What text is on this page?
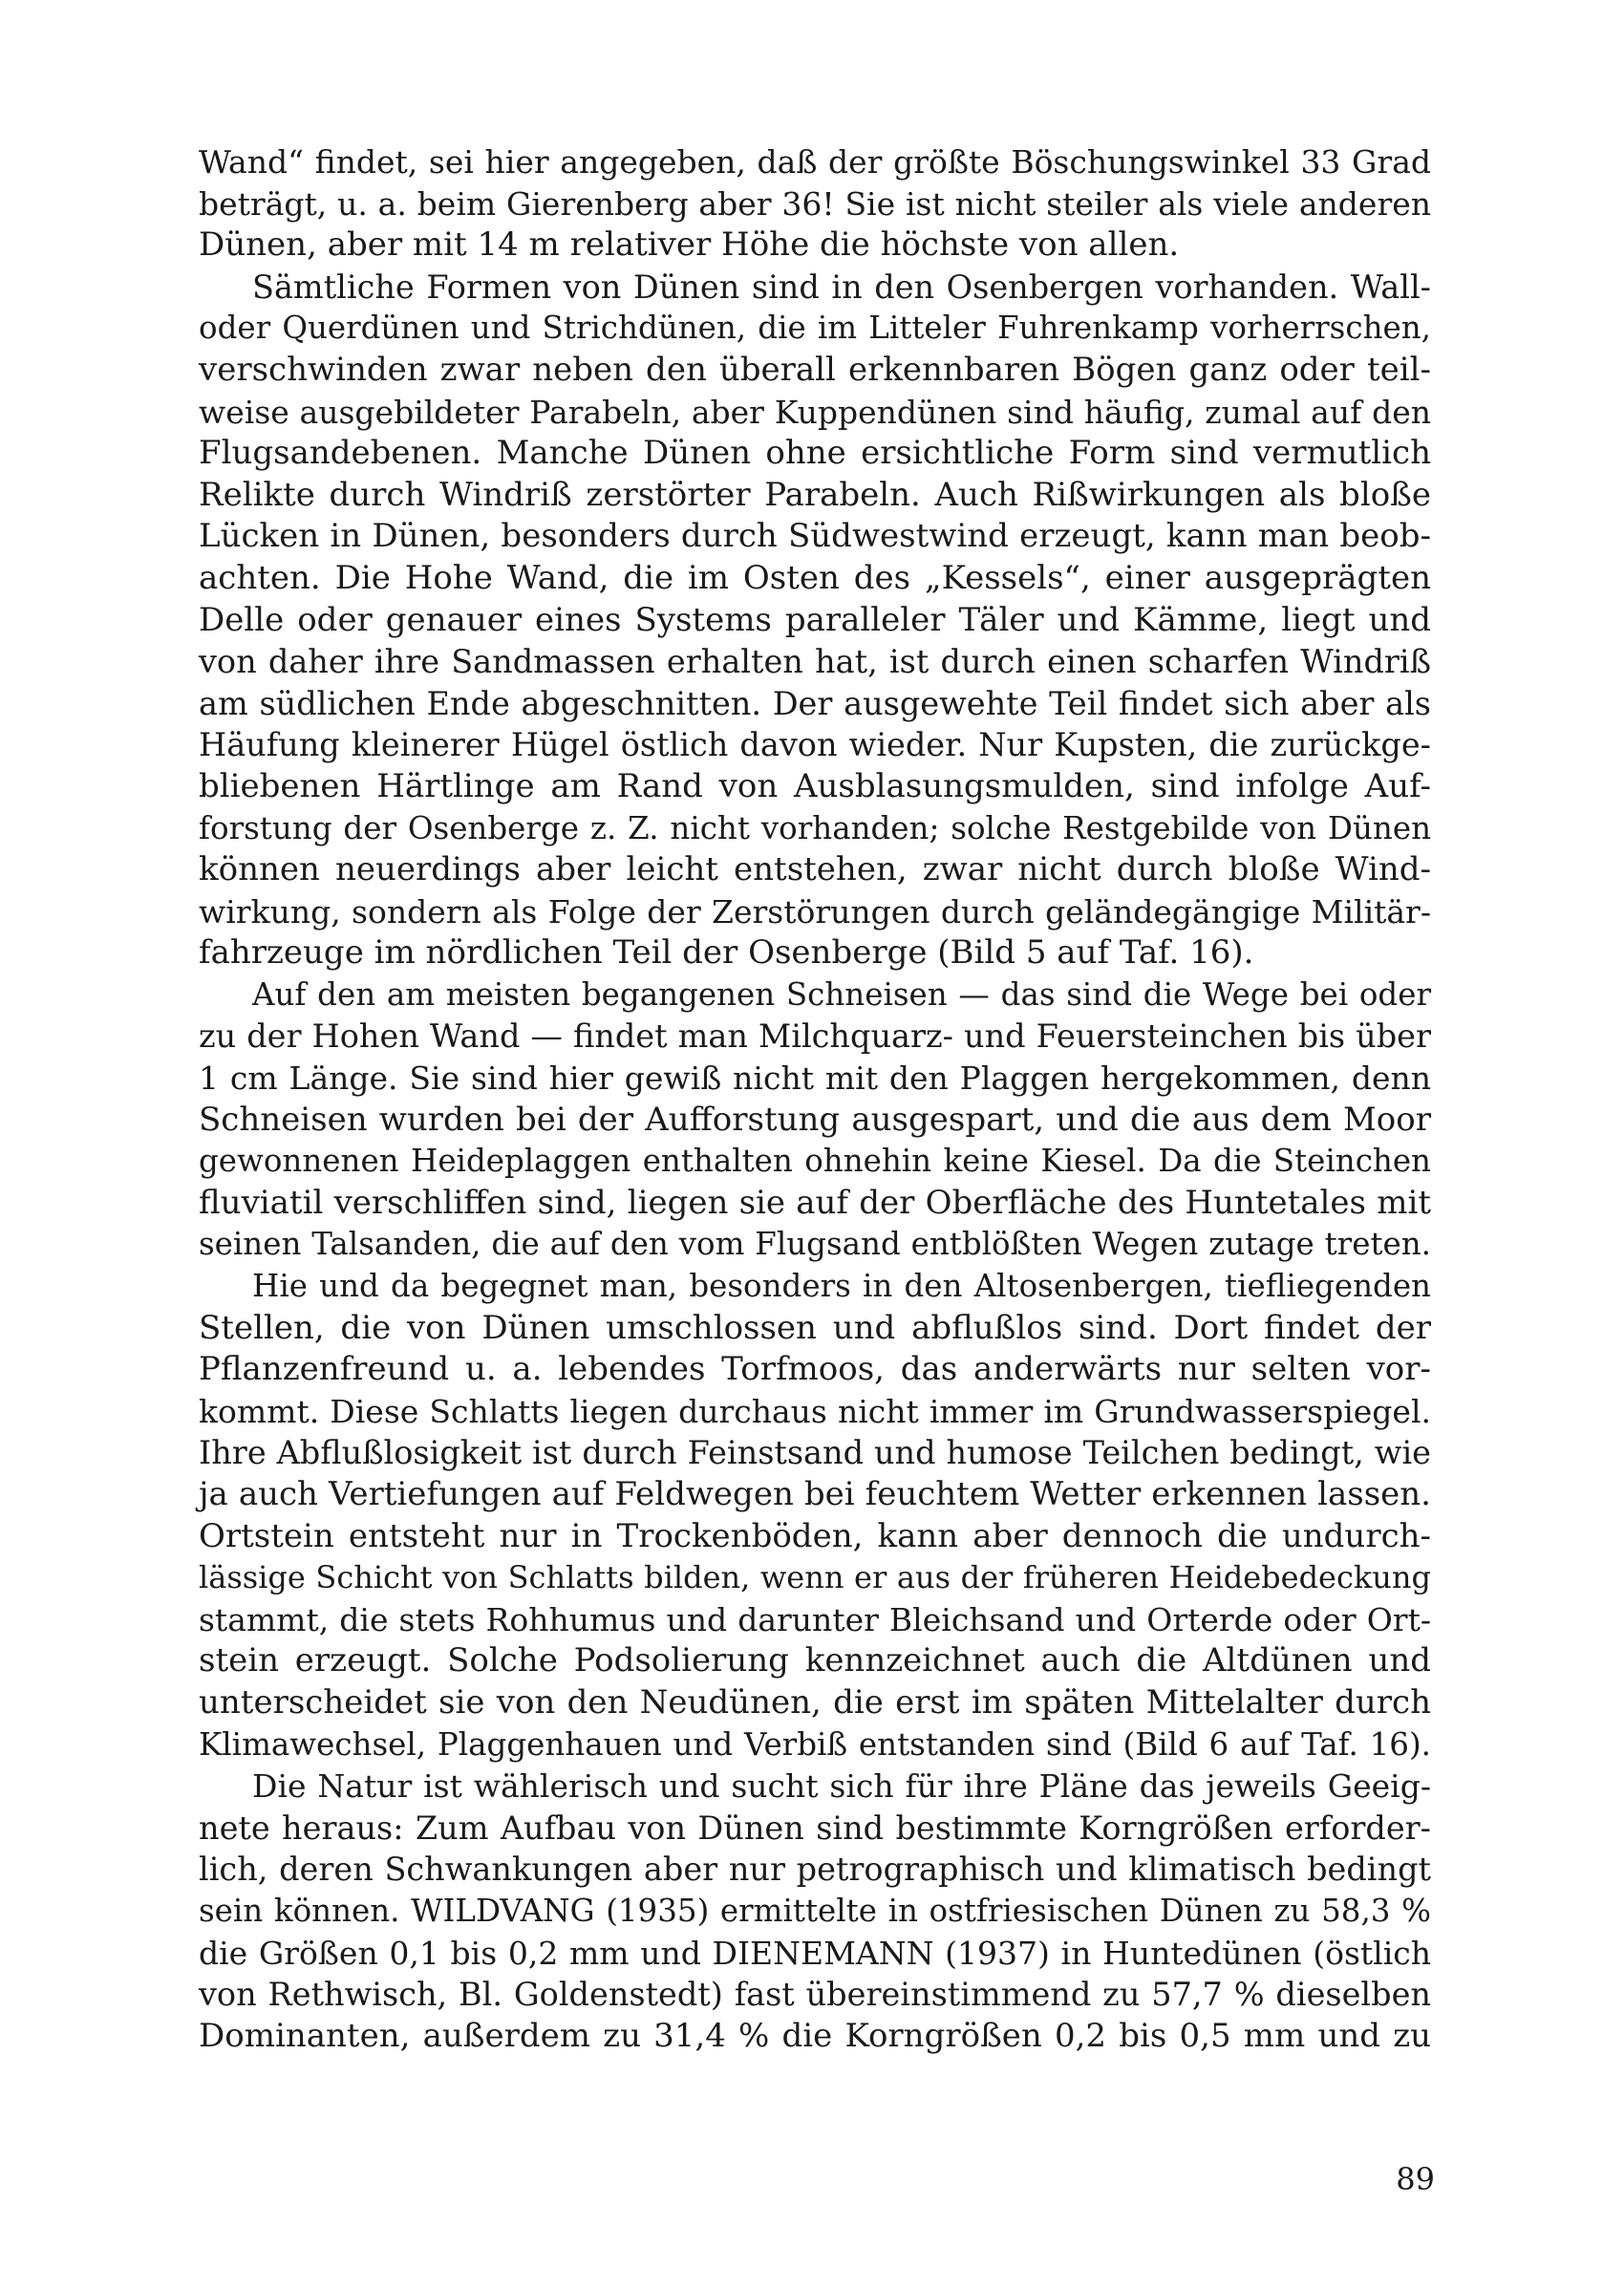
Wand“ findet, sei hier angegeben, daß der größte Böschungswinkel 33 Grad
beträgt, u. a. beim Gierenberg aber 36! Sie ist nicht steiler als viele anderen
Dünen, aber mit 14 m relativer Höhe die höchste von allen.
Sämtliche Formen von Dünen sind in den Osenbergen vorhanden. Wall-
oder Querdünen und Strichdünen, die im Litteler Fuhrenkamp vorherrschen,
verschwinden zwar neben den überall erkennbaren Bögen ganz oder teil-
weise ausgebildeter Parabeln, aber Kuppendünen sind häufig, zumal auf den
Flugsandebenen. Manche Dünen ohne ersichtliche Form sind vermutlich
Relikte durch Windriß zerstörter Parabeln. Auch Rißwirkungen als bloße
Lücken in Dünen, besonders durch Südwestwind erzeugt, kann man beob-
achten. Die Hohe Wand, die im Osten des „Kessels“, einer ausgeprägten
Delle oder genauer eines Systems paralleler Täler und Kämme, liegt und
von daher ihre Sandmassen erhalten hat, ist durch einen scharfen Windriß
am südlichen Ende abgeschnitten. Der ausgewehte Teil findet sich aber als
Häufung kleinerer Hügel östlich davon wieder. Nur Kupsten, die zurückge-
bliebenen Härtlinge am Rand von Ausblasungsmulden, sind infolge Auf-
forstung der Osenberge z. Z. nicht vorhanden; solche Restgebilde von Dünen
können neuerdings aber leicht entstehen, zwar nicht durch bloße Wind-
wirkung, sondern als Folge der Zerstörungen durch geländegängige Militär-
fahrzeuge im nördlichen Teil der Osenberge (Bild 5 auf Taf. 16).
Auf den am meisten begangenen Schneisen — das sind die Wege bei oder
zu der Hohen Wand — findet man Milchquarz- und Feuersteinchen bis über
1 cm Länge. Sie sind hier gewiß nicht mit den Plaggen hergekommen, denn
Schneisen wurden bei der Aufforstung ausgespart, und die aus dem Moor
gewonnenen Heideplaggen enthalten ohnehin keine Kiesel. Da die Steinchen
fluviatil verschliffen sind, liegen sie auf der Oberfläche des Huntetales mit
seinen Talsanden, die auf den vom Flugsand entblößten Wegen zutage treten.
Hie und da begegnet man, besonders in den Altosenbergen, tiefliegenden
Stellen, die von Dünen umschlossen und abflußlos sind. Dort findet der
Pflanzenfreund u. a. lebendes Torfmoos, das anderwärts nur selten vor-
kommt. Diese Schlatts liegen durchaus nicht immer im Grundwasserspiegel.
Ihre Abflußlosigkeit ist durch Feinstsand und humose Teilchen bedingt, wie
ja auch Vertiefungen auf Feldwegen bei feuchtem Wetter erkennen lassen.
Ortstein entsteht nur in Trockenböden, kann aber dennoch die undurch-
lässige Schicht von Schlatts bilden, wenn er aus der früheren Heidebedeckung
stammt, die stets Rohhumus und darunter Bleichsand und Orterde oder Ort-
stein erzeugt. Solche Podsolierung kennzeichnet auch die Altdünen und
unterscheidet sie von den Neudünen, die erst im späten Mittelalter durch
Klimawechsel, Plaggenhauen und Verbiß entstanden sind (Bild 6 auf Taf. 16).
Die Natur ist wählerisch und sucht sich für ihre Pläne das jeweils Geeig-
nete heraus: Zum Aufbau von Dünen sind bestimmte Korngrößen erforder-
lich, deren Schwankungen aber nur petrographisch und klimatisch bedingt
sein können. WILDVANG (1935) ermittelte in ostfriesischen Dünen zu 58,3 %
die Größen 0,1 bis 0,2 mm und DIENEMANN (1937) in Huntedünen (östlich
von Rethwisch, Bl. Goldenstedt) fast übereinstimmend zu 57,7 % dieselben
Dominanten, außerdem zu 31,4 % die Korngrößen 0,2 bis 0,5 mm und zu
89
